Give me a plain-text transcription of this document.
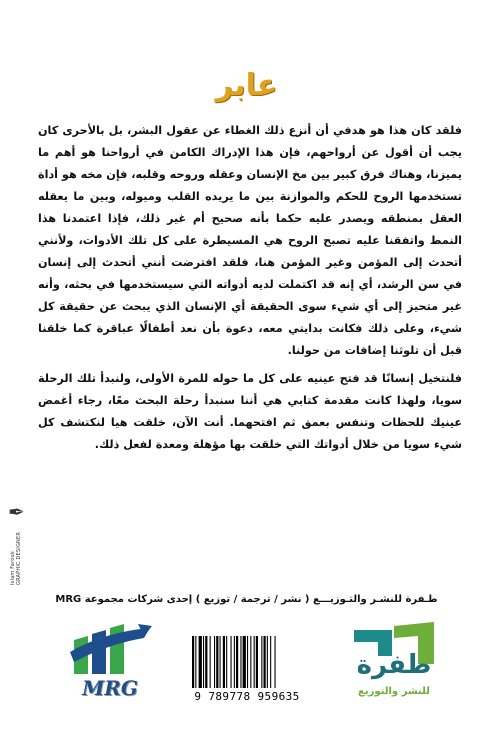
عابر

فلقد كان هذا هو هدفي أن أنزع ذلك الغطاء عن عقول البشر، بل بالأحرى كان يجب أن أقول عن أرواحهم، فإن هذا الإدراك الكامن في أرواحنا هو أهم ما يميزنا، وهناك فرق كبير بين مخ الإنسان وعقله وروحه وقلبه، فإن مخه هو أداة تستخدمها الروح للحكم والموازنة بين ما يريده القلب وميوله، وبين ما يعقله العقل بمنطقه ويصدر عليه حكما بأنه صحيح أم غير ذلك، فإذا اعتمدنا هذا النمط واتفقنا عليه تصبح الروح هي المسيطرة على كل تلك الأدوات، ولأنني أتحدث إلى المؤمن وغير المؤمن هنا، فلقد افترضت أنني أتحدث إلى إنسان في سن الرشد، أي إنه قد اكتملت لديه أدواته التي سيستخدمها في بحثه، وأنه غير متحيز إلى أي شيء سوى الحقيقة أي الإنسان الذي يبحث عن حقيقة كل شيء، وعلى ذلك فكانت بدايتي معه، دعوة بأن نعد أطفالًا عباقرة كما خلقنا قبل أن تلوثنا إضافات من حولنا.

فلنتخيل إنسانًا قد فتح عينيه على كل ما حوله للمرة الأولى، ولنبدأ تلك الرحلة سويا، ولهذا كانت مقدمة كتابي هي أننا سنبدأ رحلة البحث معًا، رجاء أغمض عينيك للحظات وتنفس بعمق ثم افتحهما. أنت الآن، خلقت هيا لنكتشف كل شيء سويا من خلال أدواتك التي خلقت بها مؤهلة ومعدة لفعل ذلك.

✒
Islam Farouk GRAPHIC DESIGNER
طـفرة للنشـر والتـوزيـــع ( نشر / ترجمة / توزيع ) إحدى شركات مجموعة MRG
MRG	9 789778 959635
طفرة
للنشر والتوزيع
